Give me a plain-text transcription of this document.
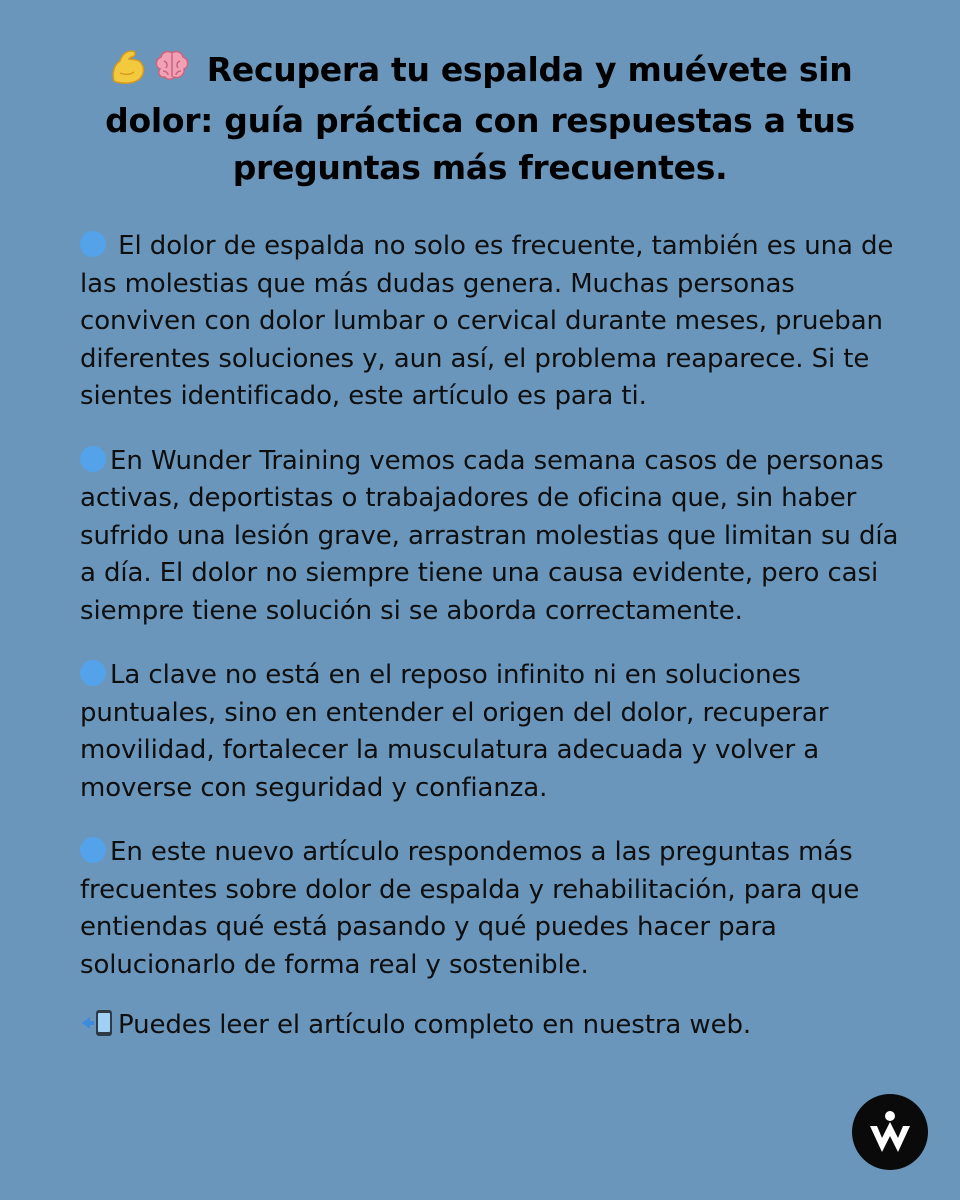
Recupera tu espalda y muévete sin dolor: guía práctica con respuestas a tus preguntas más frecuentes.

El dolor de espalda no solo es frecuente, también es una de las molestias que más dudas genera. Muchas personas conviven con dolor lumbar o cervical durante meses, prueban diferentes soluciones y, aun así, el problema reaparece. Si te sientes identificado, este artículo es para ti.

En Wunder Training vemos cada semana casos de personas activas, deportistas o trabajadores de oficina que, sin haber sufrido una lesión grave, arrastran molestias que limitan su día a día. El dolor no siempre tiene una causa evidente, pero casi siempre tiene solución si se aborda correctamente.

La clave no está en el reposo infinito ni en soluciones puntuales, sino en entender el origen del dolor, recuperar movilidad, fortalecer la musculatura adecuada y volver a moverse con seguridad y confianza.

En este nuevo artículo respondemos a las preguntas más frecuentes sobre dolor de espalda y rehabilitación, para que entiendas qué está pasando y qué puedes hacer para solucionarlo de forma real y sostenible.

Puedes leer el artículo completo en nuestra web.
